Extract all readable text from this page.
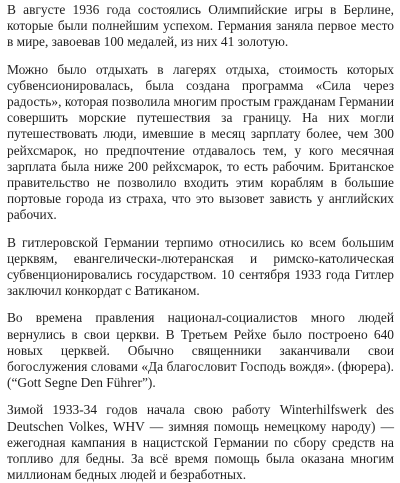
В августе 1936 года состоялись Олимпийские игры в Берлине, которые были полнейшим успехом. Германия заняла первое место в мире, завоевав 100 медалей, из них 41 золотую.

Можно было отдыхать в лагерях отдыха, стоимость которых субвенсионировалась, была создана программа «Сила через радость», которая позволила многим простым гражданам Германии совершить морские путешествия за границу. На них могли путешествовать люди, имевшие в месяц зарплату более, чем 300 рейхсмарок, но предпочтение отдавалось тем, у кого месячная зарплата была ниже 200 рейхсмарок, то есть рабочим. Британское правительство не позволило входить этим кораблям в большие портовые города из страха, что это вызовет зависть у английских рабочих.

В гитлеровской Германии терпимо относились ко всем большим церквям, евангелически-лютеранская и римско-католическая субвенционировались государством. 10 сентября 1933 года Гитлер заключил конкордат с Ватиканом.

Во времена правления национал-социалистов много людей вернулись в свои церкви. В Третьем Рейхе было построено 640 новых церквей. Обычно священники заканчивали свои богослужения словами «Да благословит Господь вождя». (фюрера). (“Gott Segne Den Führer”).

Зимой 1933-34 годов начала свою работу Winterhilfswerk des Deutschen Volkes, WHV — зимняя помощь немецкому народу) — ежегодная кампания в нацистской Германии по сбору средств на топливо для бедны. За всё время помощь была оказана многим миллионам бедных людей и безработных.
